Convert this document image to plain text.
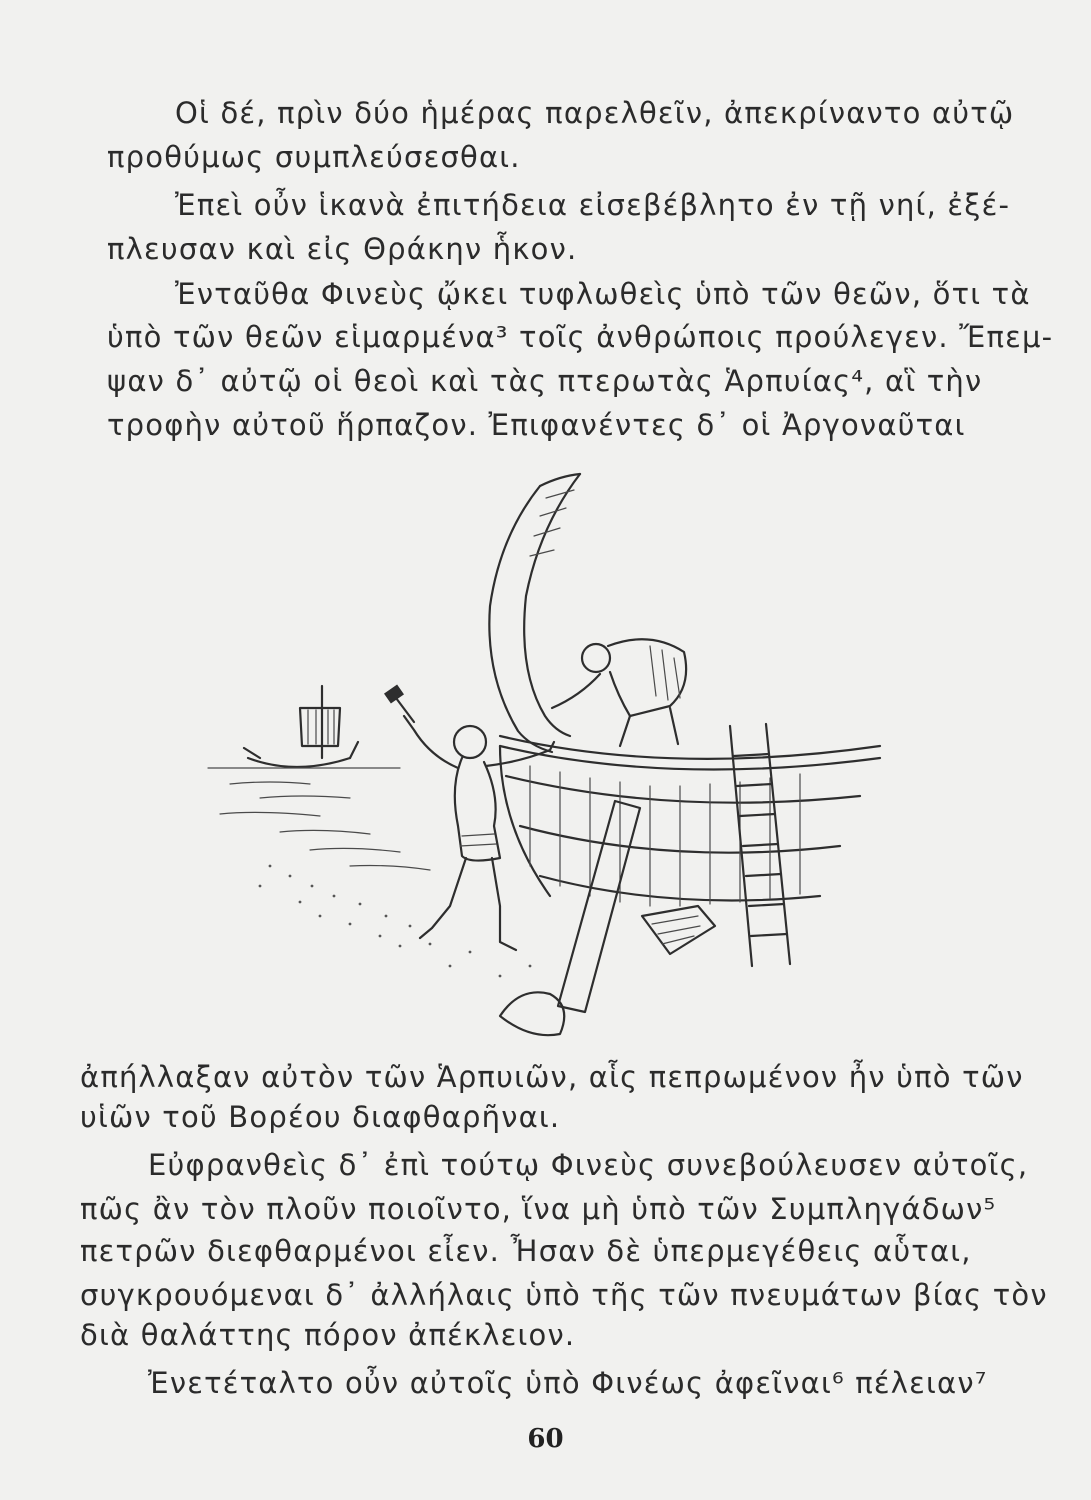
Οἱ δέ, πρὶν δύο ἡμέρας παρελθεῖν, ἀπεκρίναντο αὐτῷ
προθύμως συμπλεύσεσθαι.
Ἐπεὶ οὖν ἱκανὰ ἐπιτήδεια εἰσεβέβλητο ἐν τῇ νηί, ἐξέ-
πλευσαν καὶ εἰς Θράκην ἧκον.
Ἐνταῦθα Φινεὺς ᾤκει τυφλωθεὶς ὑπὸ τῶν θεῶν, ὅτι τὰ
ὑπὸ τῶν θεῶν εἱμαρμένα³ τοῖς ἀνθρώποις προύλεγεν. Ἔπεμ-
ψαν δ᾽ αὐτῷ οἱ θεοὶ καὶ τὰς πτερωτὰς Ἁρπυίας⁴, αἳ τὴν
τροφὴν αὐτοῦ ἥρπαζον. Ἐπιφανέντες δ᾽ οἱ Ἀργοναῦται
ἀπήλλαξαν αὐτὸν τῶν Ἁρπυιῶν, αἷς πεπρωμένον ἦν ὑπὸ τῶν
υἱῶν τοῦ Βορέου διαφθαρῆναι.
Εὐφρανθεὶς δ᾽ ἐπὶ τούτῳ Φινεὺς συνεβούλευσεν αὐτοῖς,
πῶς ἂν τὸν πλοῦν ποιοῖντο, ἵνα μὴ ὑπὸ τῶν Συμπληγάδων⁵
πετρῶν διεφθαρμένοι εἶεν. Ἦσαν δὲ ὑπερμεγέθεις αὗται,
συγκρουόμεναι δ᾽ ἀλλήλαις ὑπὸ τῆς τῶν πνευμάτων βίας τὸν
διὰ θαλάττης πόρον ἀπέκλειον.
Ἐνετέταλτο οὖν αὐτοῖς ὑπὸ Φινέως ἀφεῖναι⁶ πέλειαν⁷
60
